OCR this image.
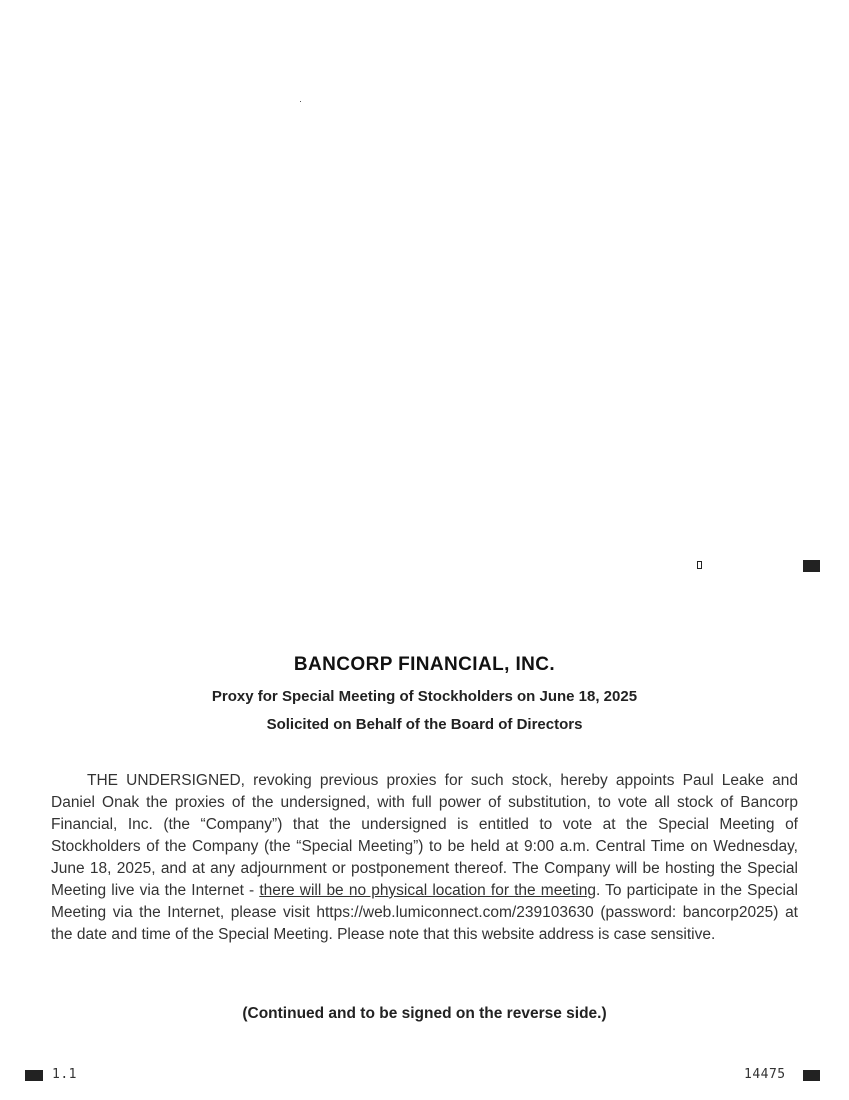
BANCORP FINANCIAL, INC.
Proxy for Special Meeting of Stockholders on June 18, 2025
Solicited on Behalf of the Board of Directors

THE UNDERSIGNED, revoking previous proxies for such stock, hereby appoints Paul Leake and Daniel Onak the proxies of the undersigned, with full power of substitution, to vote all stock of Bancorp Financial, Inc. (the “Company”) that the undersigned is entitled to vote at the Special Meeting of Stockholders of the Company (the “Special Meeting”) to be held at 9:00 a.m. Central Time on Wednesday, June 18, 2025, and at any adjournment or postponement thereof. The Company will be hosting the Special Meeting live via the Internet - there will be no physical location for the meeting. To participate in the Special Meeting via the Internet, please visit https://web.lumiconnect.com/239103630 (password: bancorp2025) at the date and time of the Special Meeting. Please note that this website address is case sensitive.

(Continued and to be signed on the reverse side.)
1.1	14475
